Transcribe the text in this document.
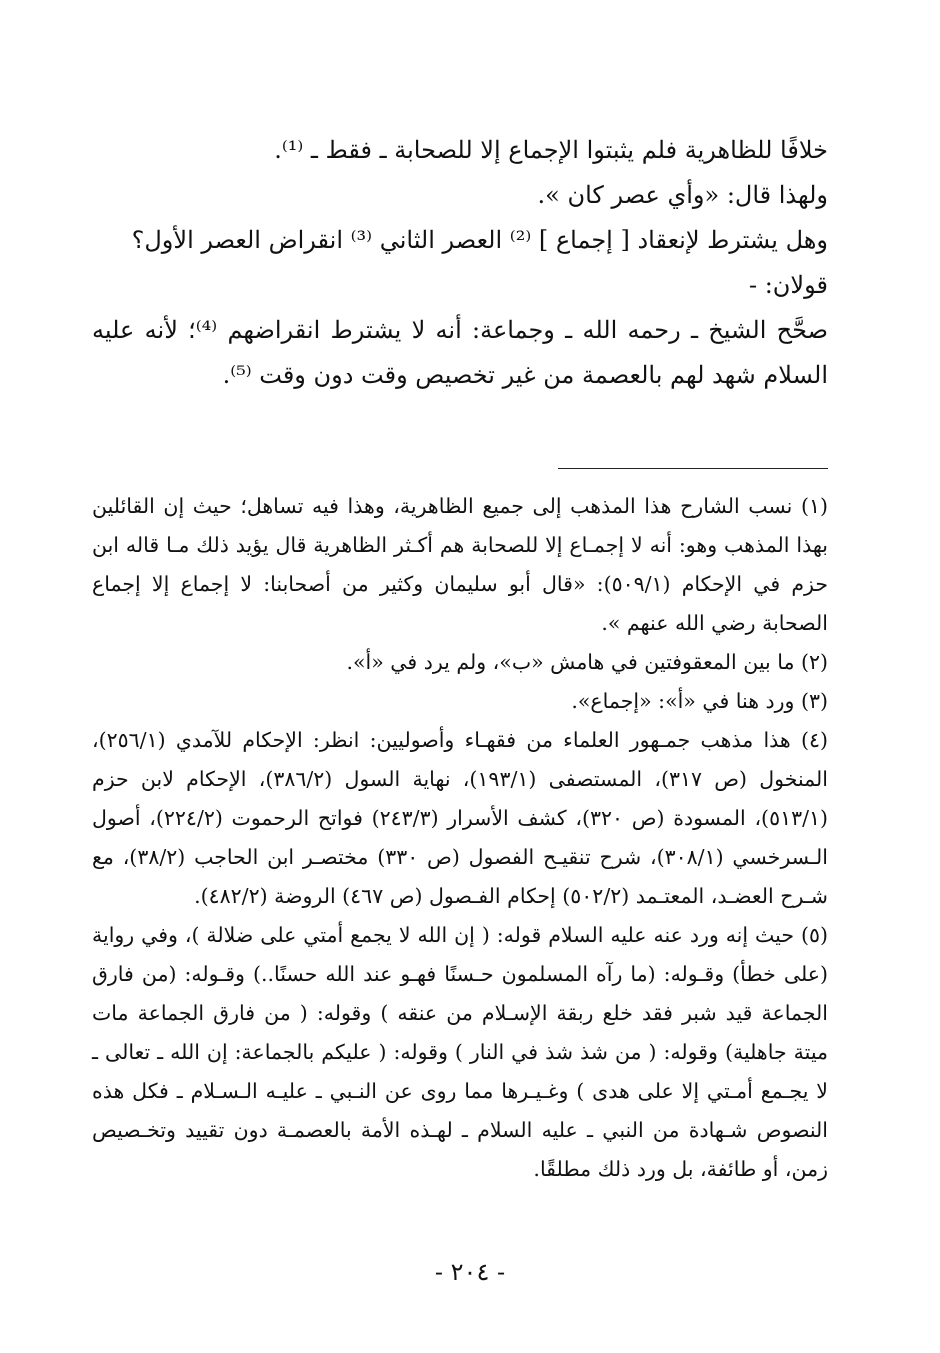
خلافًا للظاهرية فلم يثبتوا الإجماع إلا للصحابة ـ فقط ـ ⁽¹⁾.

ولهذا قال: «وأي عصر كان ».

وهل يشترط لإنعقاد [ إجماع ] ⁽²⁾ العصر الثاني ⁽³⁾ انقراض العصر الأول؟

قولان: -

صحَّح الشيخ ـ رحمه الله ـ وجماعة: أنه لا يشترط انقراضهم ⁽⁴⁾؛ لأنه عليه السلام شهد لهم بالعصمة من غير تخصيص وقت دون وقت ⁽⁵⁾.

(١) نسب الشارح هذا المذهب إلى جميع الظاهرية، وهذا فيه تساهل؛ حيث إن القائلين بهذا المذهب وهو: أنه لا إجمـاع إلا للصحابة هم أكـثر الظاهرية قال يؤيد ذلك مـا قاله ابن حزم في الإحكام (٥٠٩/١): «قال أبو سليمان وكثير من أصحابنا: لا إجماع إلا إجماع الصحابة رضي الله عنهم ».

(٢) ما بين المعقوفتين في هامش «ب»، ولم يرد في «أ».

(٣) ورد هنا في «أ»: «إجماع».

(٤) هذا مذهب جمـهور العلماء من فقهـاء وأصوليين: انظر: الإحكام للآمدي (٢٥٦/١)، المنخول (ص ٣١٧)، المستصفى (١٩٣/١)، نهاية السول (٣٨٦/٢)، الإحكام لابن حزم (٥١٣/١)، المسودة (ص ٣٢٠)، كشف الأسرار (٢٤٣/٣) فواتح الرحموت (٢٢٤/٢)، أصول الـسرخسي (٣٠٨/١)، شرح تنقيـح الفصول (ص ٣٣٠) مختصـر ابن الحاجب (٣٨/٢)، مع شـرح العضـد، المعتـمد (٥٠٢/٢) إحكام الفـصول (ص ٤٦٧) الروضة (٤٨٢/٢).

(٥) حيث إنه ورد عنه عليه السلام قوله: ( إن الله لا يجمع أمتي على ضلالة )، وفي رواية (على خطأ) وقـوله: (ما رآه المسلمون حـسنًا فهـو عند الله حسنًا..) وقـوله: (من فارق الجماعة قيد شبر فقد خلع ربقة الإسـلام من عنقه ) وقوله: ( من فارق الجماعة مات ميتة جاهلية) وقوله: ( من شذ شذ في النار ) وقوله: ( عليكم بالجماعة: إن الله ـ تعالى ـ لا يجـمع أمـتي إلا على هدى ) وغـيـرها مما روى عن النـبي ـ عليـه الـسـلام ـ فكل هذه النصوص شـهادة من النبي ـ عليه السلام ـ لهـذه الأمة بالعصمـة دون تقييد وتخـصيص زمن، أو طائفة، بل ورد ذلك مطلقًا.

- ٢٠٤ -
